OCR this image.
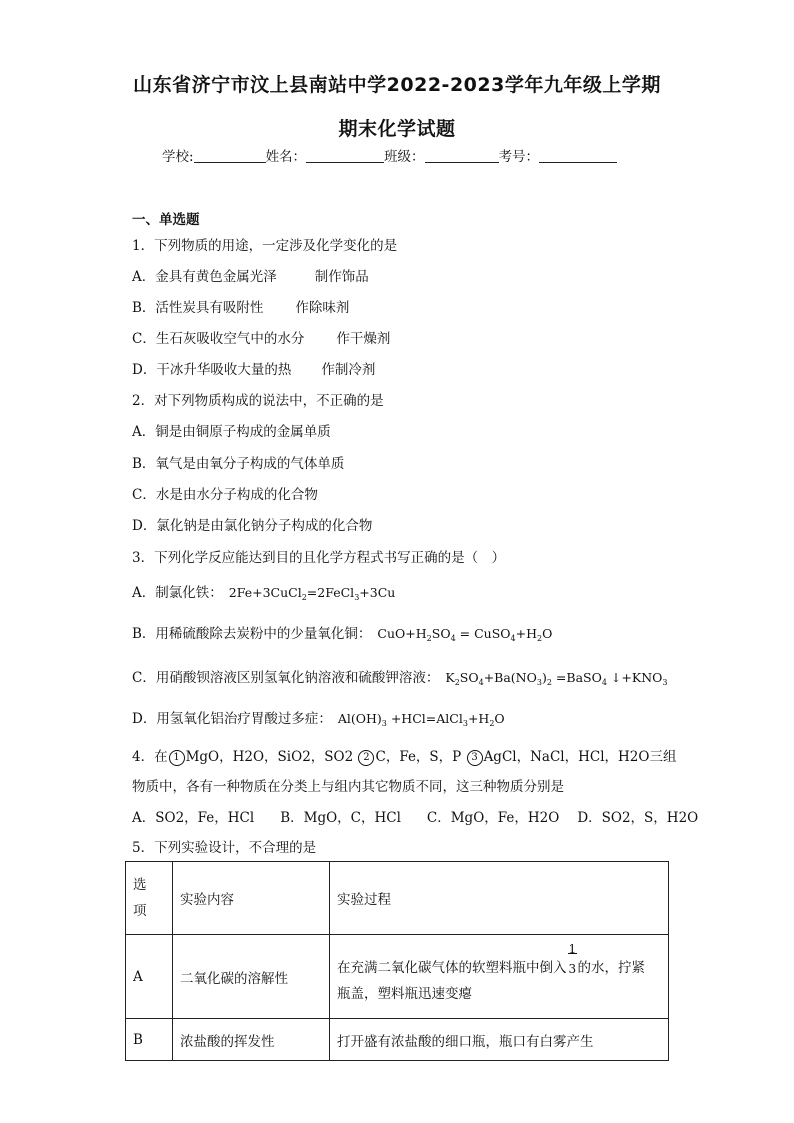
山东省济宁市汶上县南站中学2022-2023学年九年级上学期
期末化学试题
学校:	姓名：	班级：	考号：
一、单选题
1．下列物质的用途，一定涉及化学变化的是
A．金具有黄色金属光泽	制作饰品
B．活性炭具有吸附性 作除味剂
C．生石灰吸收空气中的水分 作干燥剂
D．干冰升华吸收大量的热 作制冷剂
2．对下列物质构成的说法中，不正确的是
A．铜是由铜原子构成的金属单质
B．氧气是由氧分子构成的气体单质
C．水是由水分子构成的化合物
D．氯化钠是由氯化钠分子构成的化合物
3．下列化学反应能达到目的且化学方程式书写正确的是（　）
A．制氯化铁： 2Fe+3CuCl$_2$=2FeCl$_3$+3Cu
B．用稀硫酸除去炭粉中的少量氧化铜： $CuO+H_2SO_4$ = $CuSO_4+H_2O$
C．用硝酸钡溶液区别氢氧化钠溶液和硫酸钾溶液： $K_2SO_4+Ba(NO_3)_2$ =BaSO$_4$ $↓+KNO_3$
D．用氢氧化铝治疗胃酸过多症： $Al(OH)_3$ $+HCl=AlCl_3+H_2O$
4．在 1 MgO，H2O，SiO2，SO2 2 C，Fe，S，P 3 AgCl，NaCl，HCl，H2O三组
物质中，各有一种物质在分类上与组内其它物质不同，这三种物质分别是
A．SO2，Fe，HCl B．MgO，C，HCl C．MgO，Fe，H2O D．SO2，S，H2O
5．下列实验设计，不合理的是
选
项	实验内容	实验过程
A	二氧化碳的溶解性	在充满二氧化碳气体的软塑料瓶中倒入 $\frac{1}{3}$ 的水，拧紧
瓶盖，塑料瓶迅速变瘪
B	浓盐酸的挥发性	打开盛有浓盐酸的细口瓶，瓶口有白雾产生
